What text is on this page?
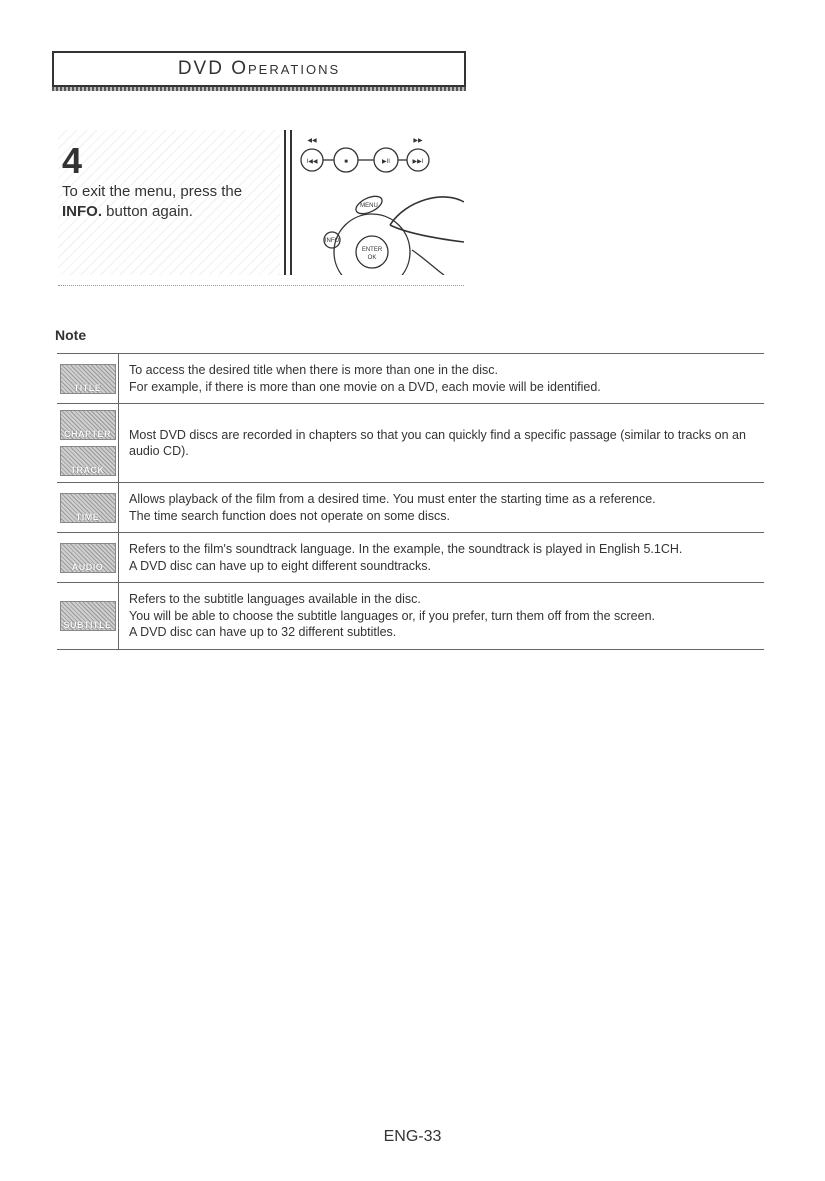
DVD Operations
4
To exit the menu, press the INFO. button again.
◀◀	▶▶
■	▶II
I◀◀	▶▶I
ENTER
OK
MENU
INFO
Note
TITLE
To access the desired title when there is more than one in the disc.
For example, if there is more than one movie on a DVD, each movie will be identified.
CHAPTER
TRACK
Most DVD discs are recorded in chapters so that you can quickly find a specific passage (similar to tracks on an audio CD).
TIME
Allows playback of the film from a desired time. You must enter the starting time as a reference.
The time search function does not operate on some discs.
AUDIO
Refers to the film's soundtrack language. In the example, the soundtrack is played in English 5.1CH.
A DVD disc can have up to eight different soundtracks.
SUBTITLE
Refers to the subtitle languages available in the disc.
You will be able to choose the subtitle languages or, if you prefer, turn them off from the screen.
A DVD disc can have up to 32 different subtitles.
ENG-33
